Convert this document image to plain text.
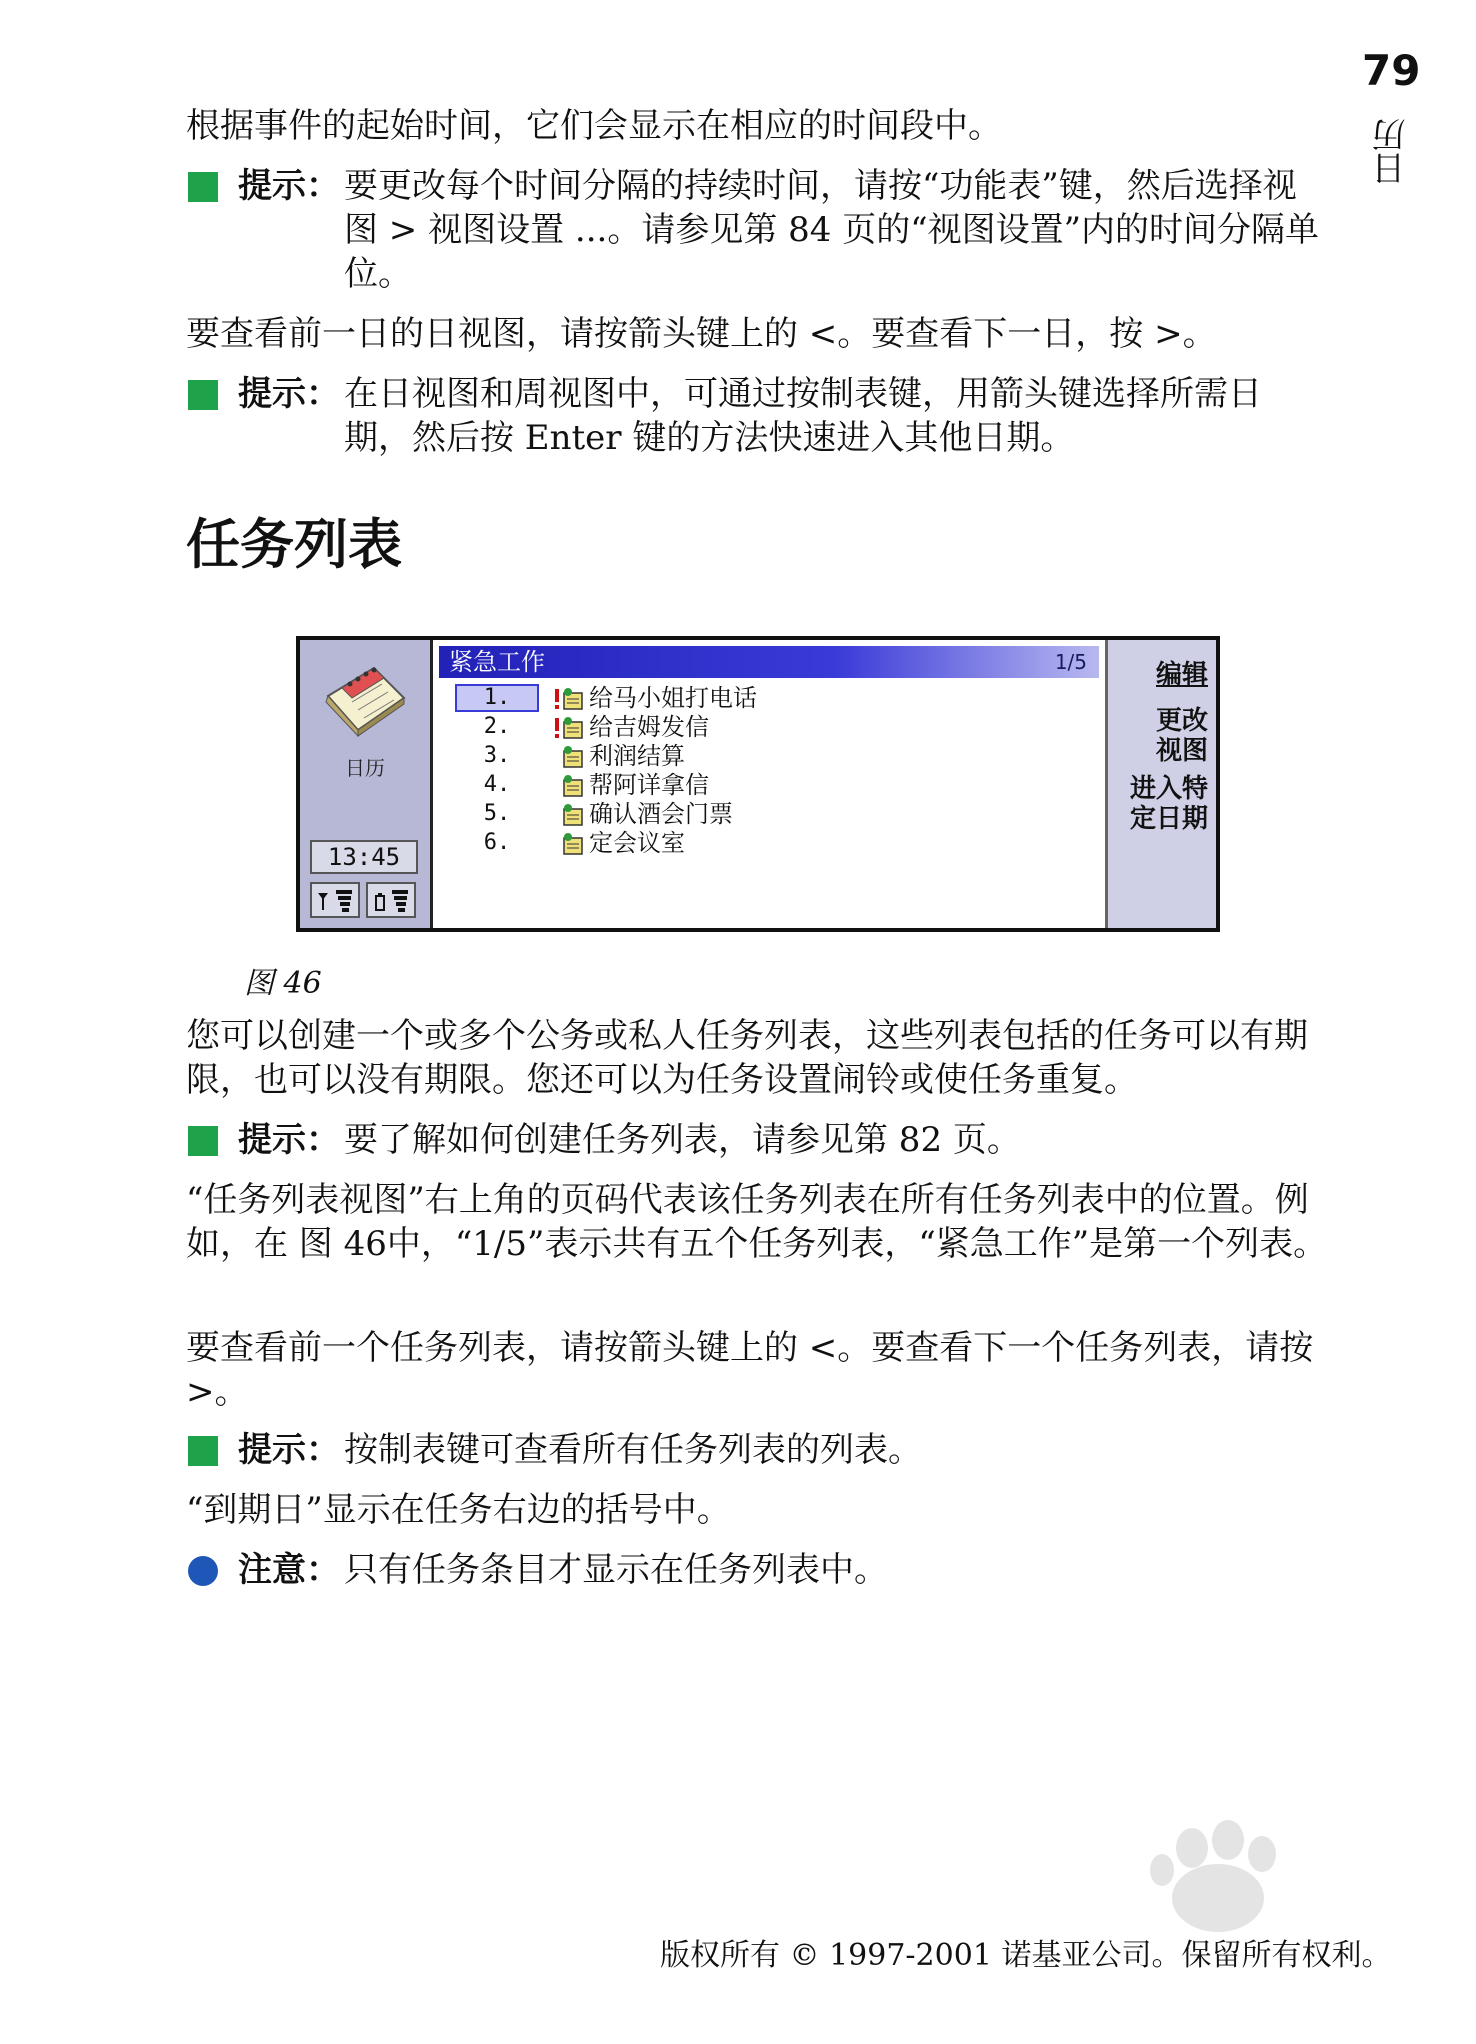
79
日历

根据事件的起始时间，它们会显示在相应的时间段中。

提示： 要更改每个时间分隔的持续时间，请按“功能表”键，然后选择视图 > 视图设置 ...。请参见第 84 页的“视图设置”内的时间分隔单位。

要查看前一日的日视图，请按箭头键上的 <。要查看下一日，按 >。

提示： 在日视图和周视图中，可通过按制表键，用箭头键选择所需日期，然后按 Enter 键的方法快速进入其他日期。
任务列表
日历
13:45
紧急工作	1/5
1.	给马小姐打电话
2.	给吉姆发信
3.	利润结算
4.	帮阿详拿信
5.	确认酒会门票
6.	定会议室
编辑
更改
视图
进入特
定日期
图 46

您可以创建一个或多个公务或私人任务列表，这些列表包括的任务可以有期限，也可以没有期限。您还可以为任务设置闹铃或使任务重复。

提示： 要了解如何创建任务列表，请参见第 82 页。

“任务列表视图”右上角的页码代表该任务列表在所有任务列表中的位置。例如，在 图 46中，“1/5”表示共有五个任务列表，“紧急工作”是第一个列表。

要查看前一个任务列表，请按箭头键上的 <。要查看下一个任务列表，请按 >。

提示： 按制表键可查看所有任务列表的列表。

“到期日”显示在任务右边的括号中。

注意： 只有任务条目才显示在任务列表中。
版权所有 © 1997-2001 诺基亚公司。保留所有权利。
